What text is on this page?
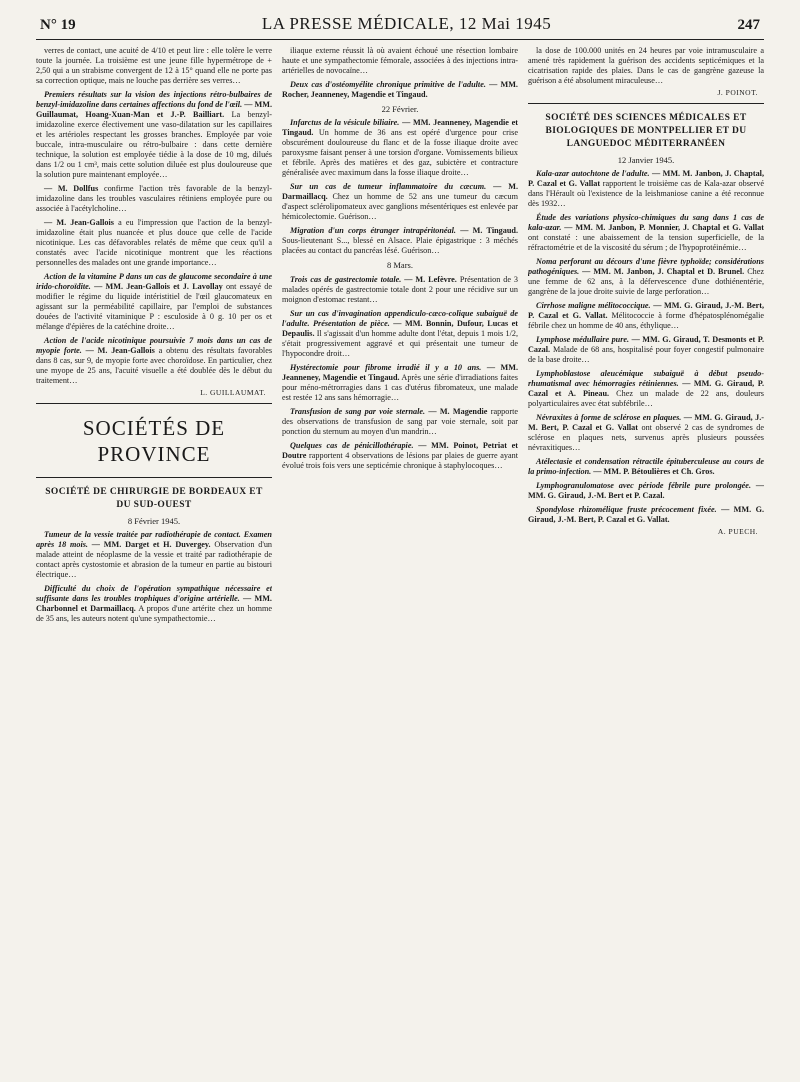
N° 19	LA PRESSE MÉDICALE, 12 Mai 1945	247

verres de contact, une acuité de 4/10 et peut lire : elle tolère le verre toute la journée. La troisième est une jeune fille hypermétrope de + 2,50 qui a un strabisme convergent de 12 à 15° quand elle ne porte pas sa correction optique, mais ne louche pas derrière ses verres…

Premiers résultats sur la vision des injections rétro-bulbaires de benzyl-imidazoline dans certaines affections du fond de l'œil. — MM. Guillaumat, Hoang-Xuan-Man et J.-P. Bailliart. La benzyl-imidazoline exerce électivement une vaso-dilatation sur les capillaires et les artérioles respectant les grosses branches. Employée par voie buccale, intra-musculaire ou rétro-bulbaire : dans cette dernière technique, la solution est employée tiédie à la dose de 10 mg, dilués dans 1/2 ou 1 cm³, mais cette solution diluée est plus douloureuse que la solution pure maintenant employée…

— M. Dollfus confirme l'action très favorable de la benzyl-imidazoline dans les troubles vasculaires rétiniens employée pure ou associée à l'acétylcholine…

— M. Jean-Gallois a eu l'impression que l'action de la benzyl-imidazoline était plus nuancée et plus douce que celle de l'acide nicotinique. Les cas défavorables relatés de même que ceux qu'il a constatés avec l'acide nicotinique montrent que les réactions personnelles des malades ont une grande importance…

Action de la vitamine P dans un cas de glaucome secondaire à une irido-choroïdite. — MM. Jean-Gallois et J. Lavollay ont essayé de modifier le régime du liquide intéristitiel de l'œil glaucomateux en agissant sur la perméabilité capillaire, par l'emploi de substances douées de l'activité vitaminique P : esculoside à 0 g. 10 per os et mélange d'épières de la catéchine droite…

Action de l'acide nicotinique poursuivie 7 mois dans un cas de myopie forte. — M. Jean-Gallois a obtenu des résultats favorables dans 8 cas, sur 9, de myopie forte avec choroïdose. En particulier, chez une myope de 25 ans, l'acuité visuelle a été doublée dès le début du traitement…

L. GUILLAUMAT.
SOCIÉTÉS DE PROVINCE
SOCIÉTÉ DE CHIRURGIE DE BORDEAUX ET DU SUD-OUEST
8 Février 1945.

Tumeur de la vessie traitée par radiothérapie de contact. Examen après 18 mois. — MM. Darget et H. Duvergey. Observation d'un malade atteint de néoplasme de la vessie et traité par radiothérapie de contact après cystostomie et abrasion de la tumeur en partie au bistouri électrique…

Difficulté du choix de l'opération sympathique nécessaire et suffisante dans les troubles trophiques d'origine artérielle. — MM. Charbonnel et Darmaillacq. A propos d'une artérite chez un homme de 35 ans, les auteurs notent qu'une sympathectomie…

iliaque externe réussit là où avaient échoué une résection lombaire haute et une sympathectomie fémorale, associées à des injections intra-artérielles de novocaïne…

Deux cas d'ostéomyélite chronique primitive de l'adulte. — MM. Rocher, Jeanneney, Magendie et Tingaud.

22 Février.

Infarctus de la vésicule biliaire. — MM. Jeanneney, Magendie et Tingaud. Un homme de 36 ans est opéré d'urgence pour crise obscurément douloureuse du flanc et de la fosse iliaque droite avec paroxysme faisant penser à une torsion d'organe. Vomissements bilieux et fébrile. Après des matières et des gaz, subictère et contracture généralisée avec maximum dans la fosse iliaque droite…

Sur un cas de tumeur inflammatoire du cæcum. — M. Darmaillacq. Chez un homme de 52 ans une tumeur du cæcum d'aspect sclérolipomateux avec ganglions mésentériques est enlevée par hémicolectomie. Guérison…

Migration d'un corps étranger intrapéritonéal. — M. Tingaud. Sous-lieutenant S..., blessé en Alsace. Plaie épigastrique : 3 méchés placées au contact du pancréas lésé. Guérison…

8 Mars.

Trois cas de gastrectomie totale. — M. Lefèvre. Présentation de 3 malades opérés de gastrectomie totale dont 2 pour une récidive sur un moignon d'estomac restant…

Sur un cas d'invagination appendiculo-cæco-colique subaiguë de l'adulte. Présentation de pièce. — MM. Bonnin, Dufour, Lucas et Depaulis. Il s'agissait d'un homme adulte dont l'état, depuis 1 mois 1/2, s'était progressivement aggravé et qui présentait une tumeur de l'hypocondre droit…

Hystérectomie pour fibrome irradié il y a 10 ans. — MM. Jeanneney, Magendie et Tingaud. Après une série d'irradiations faites pour méno-métrorragies dans 1 cas d'utérus fibromateux, une malade est restée 12 ans sans hémorragie…

Transfusion de sang par voie sternale. — M. Magendie rapporte des observations de transfusion de sang par voie sternale, soit par ponction du sternum au moyen d'un mandrin…

Quelques cas de pénicillothérapie. — MM. Poinot, Petriat et Doutre rapportent 4 observations de lésions par plaies de guerre ayant évolué trois fois vers une septicémie chronique à staphylocoques…

la dose de 100.000 unités en 24 heures par voie intramusculaire a amené très rapidement la guérison des accidents septicémiques et la cicatrisation rapide des plaies. Dans le cas de gangrène gazeuse la guérison a été absolument miraculeuse…

J. POINOT.
SOCIÉTÉ DES SCIENCES MÉDICALES ET BIOLOGIQUES DE MONTPELLIER ET DU LANGUEDOC MÉDITERRANÉEN
12 Janvier 1945.

Kala-azar autochtone de l'adulte. — MM. M. Janbon, J. Chaptal, P. Cazal et G. Vallat rapportent le troisième cas de Kala-azar observé dans l'Hérault où l'existence de la leishmaniose canine a été reconnue dès 1932…

Étude des variations physico-chimiques du sang dans 1 cas de kala-azar. — MM. M. Janbon, P. Monnier, J. Chaptal et G. Vallat ont constaté : une abaissement de la tension superficielle, de la réfractométrie et de la viscosité du sérum ; de l'hypoprotéinémie…

Noma perforant au décours d'une fièvre typhoïde; considérations pathogéniques. — MM. M. Janbon, J. Chaptal et D. Brunel. Chez une femme de 62 ans, à la défervescence d'une dothiénentérie, gangrène de la joue droite suivie de large perforation…

Cirrhose maligne mélitococcique. — MM. G. Giraud, J.-M. Bert, P. Cazal et G. Vallat. Mélitococcie à forme d'hépatosplénomégalie fébrile chez un homme de 40 ans, éthylique…

Lymphose médullaire pure. — MM. G. Giraud, T. Desmonts et P. Cazal. Malade de 68 ans, hospitalisé pour foyer congestif pulmonaire de la base droite…

Lymphoblastose aleucémique subaiguë à début pseudo-rhumatismal avec hémorragies rétiniennes. — MM. G. Giraud, P. Cazal et A. Pineau. Chez un malade de 22 ans, douleurs polyarticulaires avec état subfébrile…

Névraxites à forme de sclérose en plaques. — MM. G. Giraud, J.-M. Bert, P. Cazal et G. Vallat ont observé 2 cas de syndromes de sclérose en plaques nets, survenus après plusieurs poussées névraxitiques…

Atélectasie et condensation rétractile épituberculeuse au cours de la primo-infection. — MM. P. Bétoulières et Ch. Gros.

Lymphogranulomatose avec période fébrile pure prolongée. — MM. G. Giraud, J.-M. Bert et P. Cazal.

Spondylose rhizomélique fruste précocement fixée. — MM. G. Giraud, J.-M. Bert, P. Cazal et G. Vallat.

A. PUECH.
